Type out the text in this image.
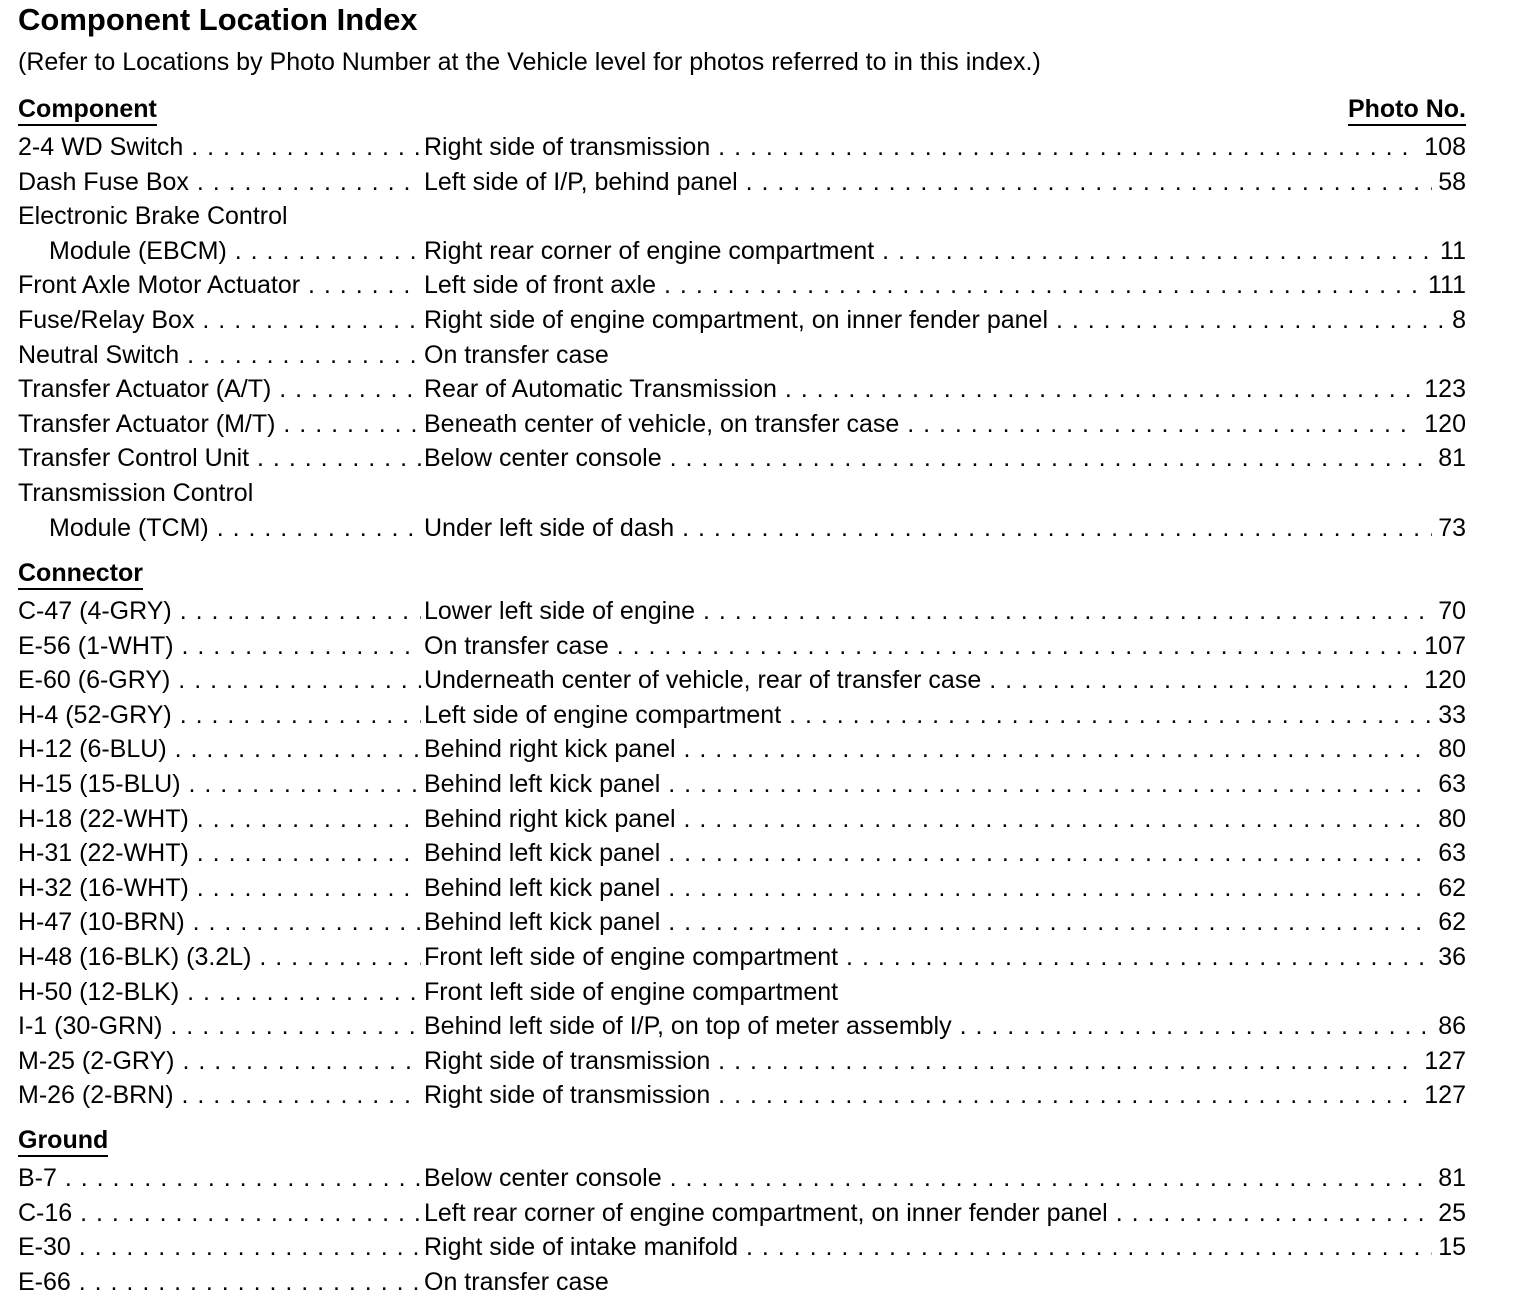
Component Location Index
(Refer to Locations by Photo Number at the Vehicle level for photos referred to in this index.)
Component	Photo No.
2-4 WD Switch . . .	Right side of transmission . . .	108
Dash Fuse Box . . .	Left side of I/P, behind panel . . .	58
Electronic Brake Control
Module (EBCM) . . .	Right rear corner of engine compartment . . .	11
Front Axle Motor Actuator . . .	Left side of front axle . . .	111
Fuse/Relay Box . . .	Right side of engine compartment, on inner fender panel . . .	8
Neutral Switch . . .	On transfer case
Transfer Actuator (A/T) . . .	Rear of Automatic Transmission . . .	123
Transfer Actuator (M/T) . . .	Beneath center of vehicle, on transfer case . . .	120
Transfer Control Unit . . .	Below center console . . .	81
Transmission Control
Module (TCM) . . .	Under left side of dash . . .	73
Connector
C-47 (4-GRY) . . .	Lower left side of engine . . .	70
E-56 (1-WHT) . . .	On transfer case . . .	107
E-60 (6-GRY) . . .	Underneath center of vehicle, rear of transfer case . . .	120
H-4 (52-GRY) . . .	Left side of engine compartment . . .	33
H-12 (6-BLU) . . .	Behind right kick panel . . .	80
H-15 (15-BLU) . . .	Behind left kick panel . . .	63
H-18 (22-WHT) . . .	Behind right kick panel . . .	80
H-31 (22-WHT) . . .	Behind left kick panel . . .	63
H-32 (16-WHT) . . .	Behind left kick panel . . .	62
H-47 (10-BRN) . . .	Behind left kick panel . . .	62
H-48 (16-BLK) (3.2L) . . .	Front left side of engine compartment . . .	36
H-50 (12-BLK) . . .	Front left side of engine compartment
I-1 (30-GRN) . . .	Behind left side of I/P, on top of meter assembly . . .	86
M-25 (2-GRY) . . .	Right side of transmission . . .	127
M-26 (2-BRN) . . .	Right side of transmission . . .	127
Ground
B-7 . . .	Below center console . . .	81
C-16 . . .	Left rear corner of engine compartment, on inner fender panel . . .	25
E-30 . . .	Right side of intake manifold . . .	15
E-66 . . .	On transfer case
